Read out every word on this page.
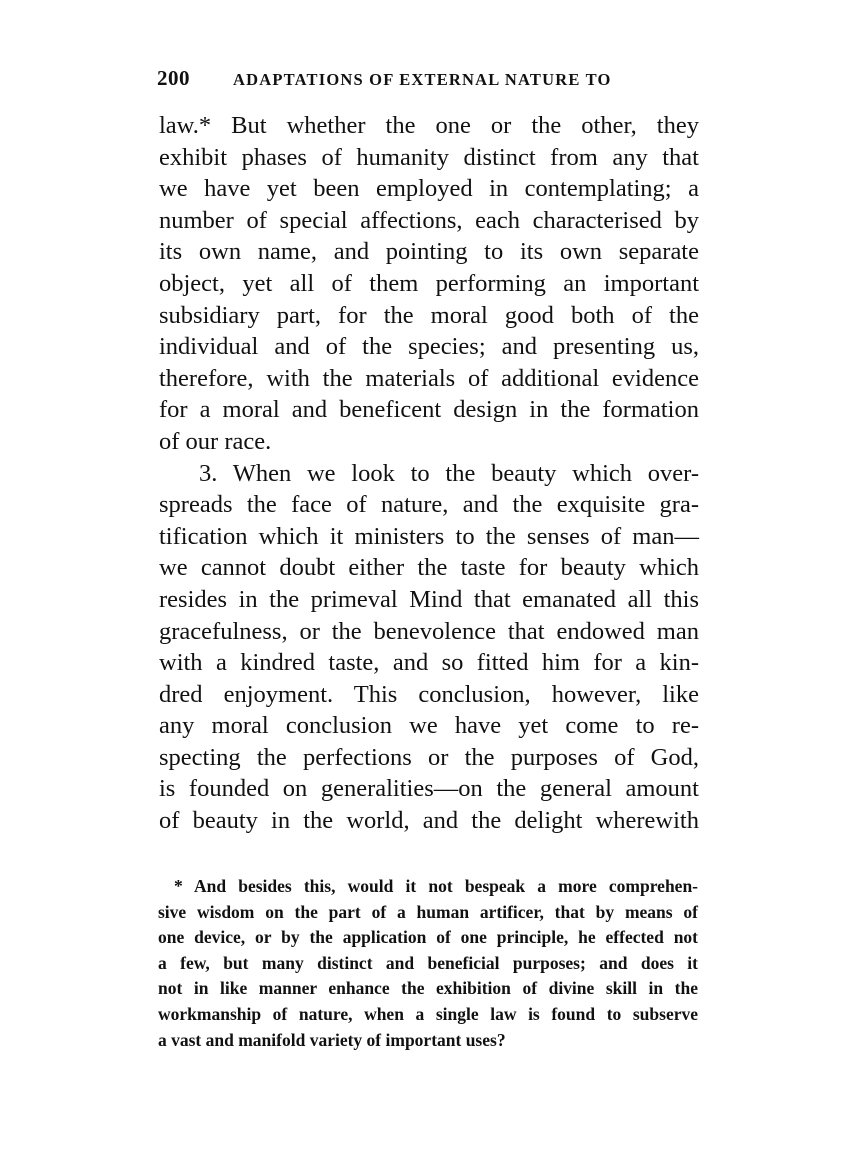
200	ADAPTATIONS OF EXTERNAL NATURE TO
law.* But whether the one or the other, they
exhibit phases of humanity distinct from any that
we have yet been employed in contemplating; a
number of special affections, each characterised by
its own name, and pointing to its own separate
object, yet all of them performing an important
subsidiary part, for the moral good both of the
individual and of the species; and presenting us,
therefore, with the materials of additional evidence
for a moral and beneficent design in the formation
of our race.
3. When we look to the beauty which over-
spreads the face of nature, and the exquisite gra-
tification which it ministers to the senses of man—
we cannot doubt either the taste for beauty which
resides in the primeval Mind that emanated all this
gracefulness, or the benevolence that endowed man
with a kindred taste, and so fitted him for a kin-
dred enjoyment. This conclusion, however, like
any moral conclusion we have yet come to re-
specting the perfections or the purposes of God,
is founded on generalities—on the general amount
of beauty in the world, and the delight wherewith
* And besides this, would it not bespeak a more comprehen-
sive wisdom on the part of a human artificer, that by means of
one device, or by the application of one principle, he effected not
a few, but many distinct and beneficial purposes; and does it
not in like manner enhance the exhibition of divine skill in the
workmanship of nature, when a single law is found to subserve
a vast and manifold variety of important uses?
